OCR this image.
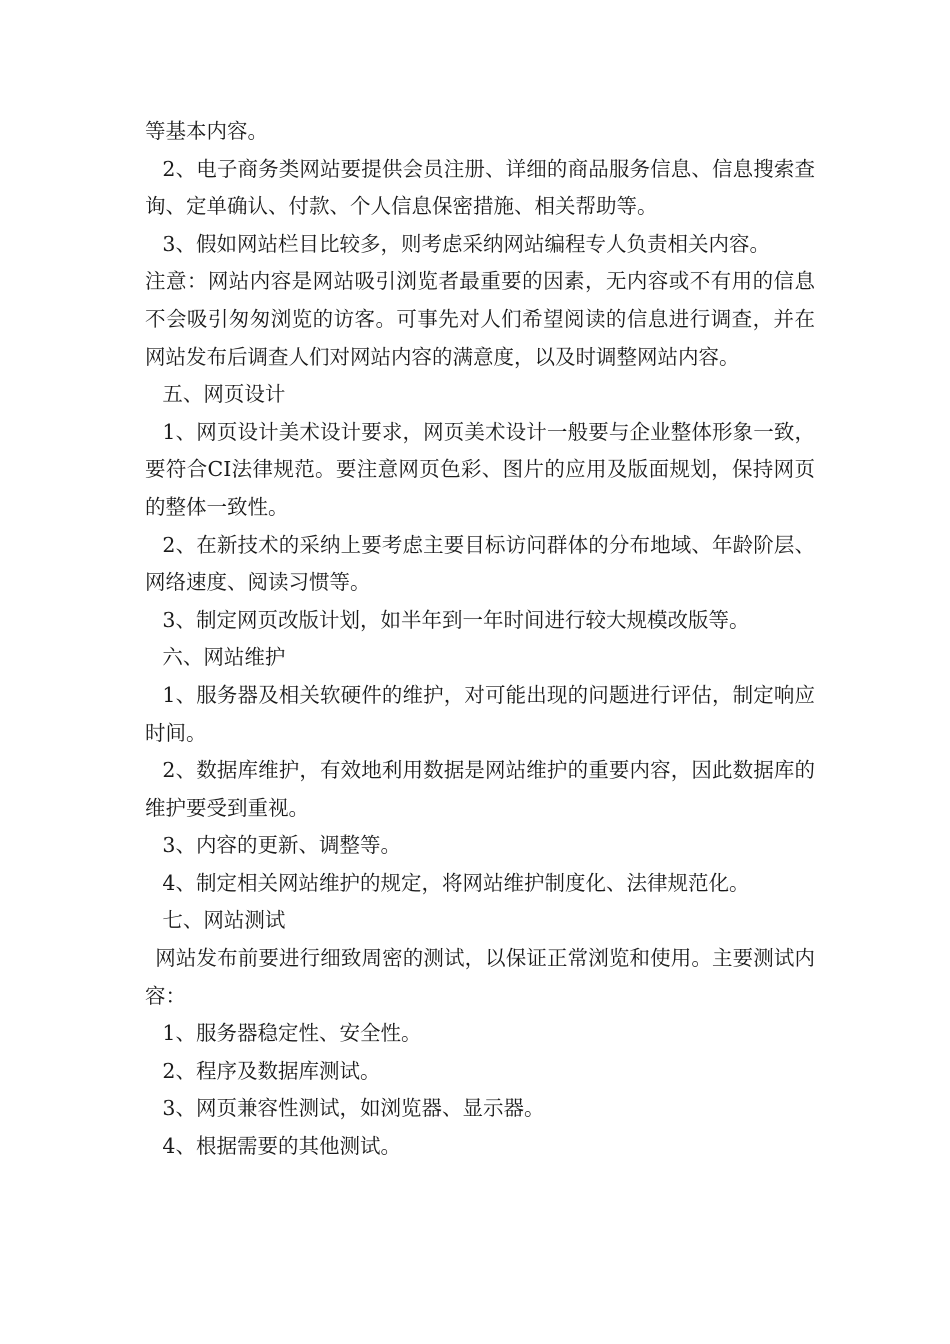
等基本内容。

2、电子商务类网站要提供会员注册、详细的商品服务信息、信息搜索查询、定单确认、付款、个人信息保密措施、相关帮助等。

3、假如网站栏目比较多，则考虑采纳网站编程专人负责相关内容。

注意：网站内容是网站吸引浏览者最重要的因素，无内容或不有用的信息不会吸引匆匆浏览的访客。可事先对人们希望阅读的信息进行调查，并在网站发布后调查人们对网站内容的满意度，以及时调整网站内容。

五、网页设计

1、网页设计美术设计要求，网页美术设计一般要与企业整体形象一致，要符合CI法律规范。要注意网页色彩、图片的应用及版面规划，保持网页的整体一致性。

2、在新技术的采纳上要考虑主要目标访问群体的分布地域、年龄阶层、网络速度、阅读习惯等。

3、制定网页改版计划，如半年到一年时间进行较大规模改版等。

六、网站维护

1、服务器及相关软硬件的维护，对可能出现的问题进行评估，制定响应时间。

2、数据库维护，有效地利用数据是网站维护的重要内容，因此数据库的维护要受到重视。

3、内容的更新、调整等。

4、制定相关网站维护的规定，将网站维护制度化、法律规范化。

七、网站测试

网站发布前要进行细致周密的测试，以保证正常浏览和使用。主要测试内容：

1、服务器稳定性、安全性。

2、程序及数据库测试。

3、网页兼容性测试，如浏览器、显示器。

4、根据需要的其他测试。
